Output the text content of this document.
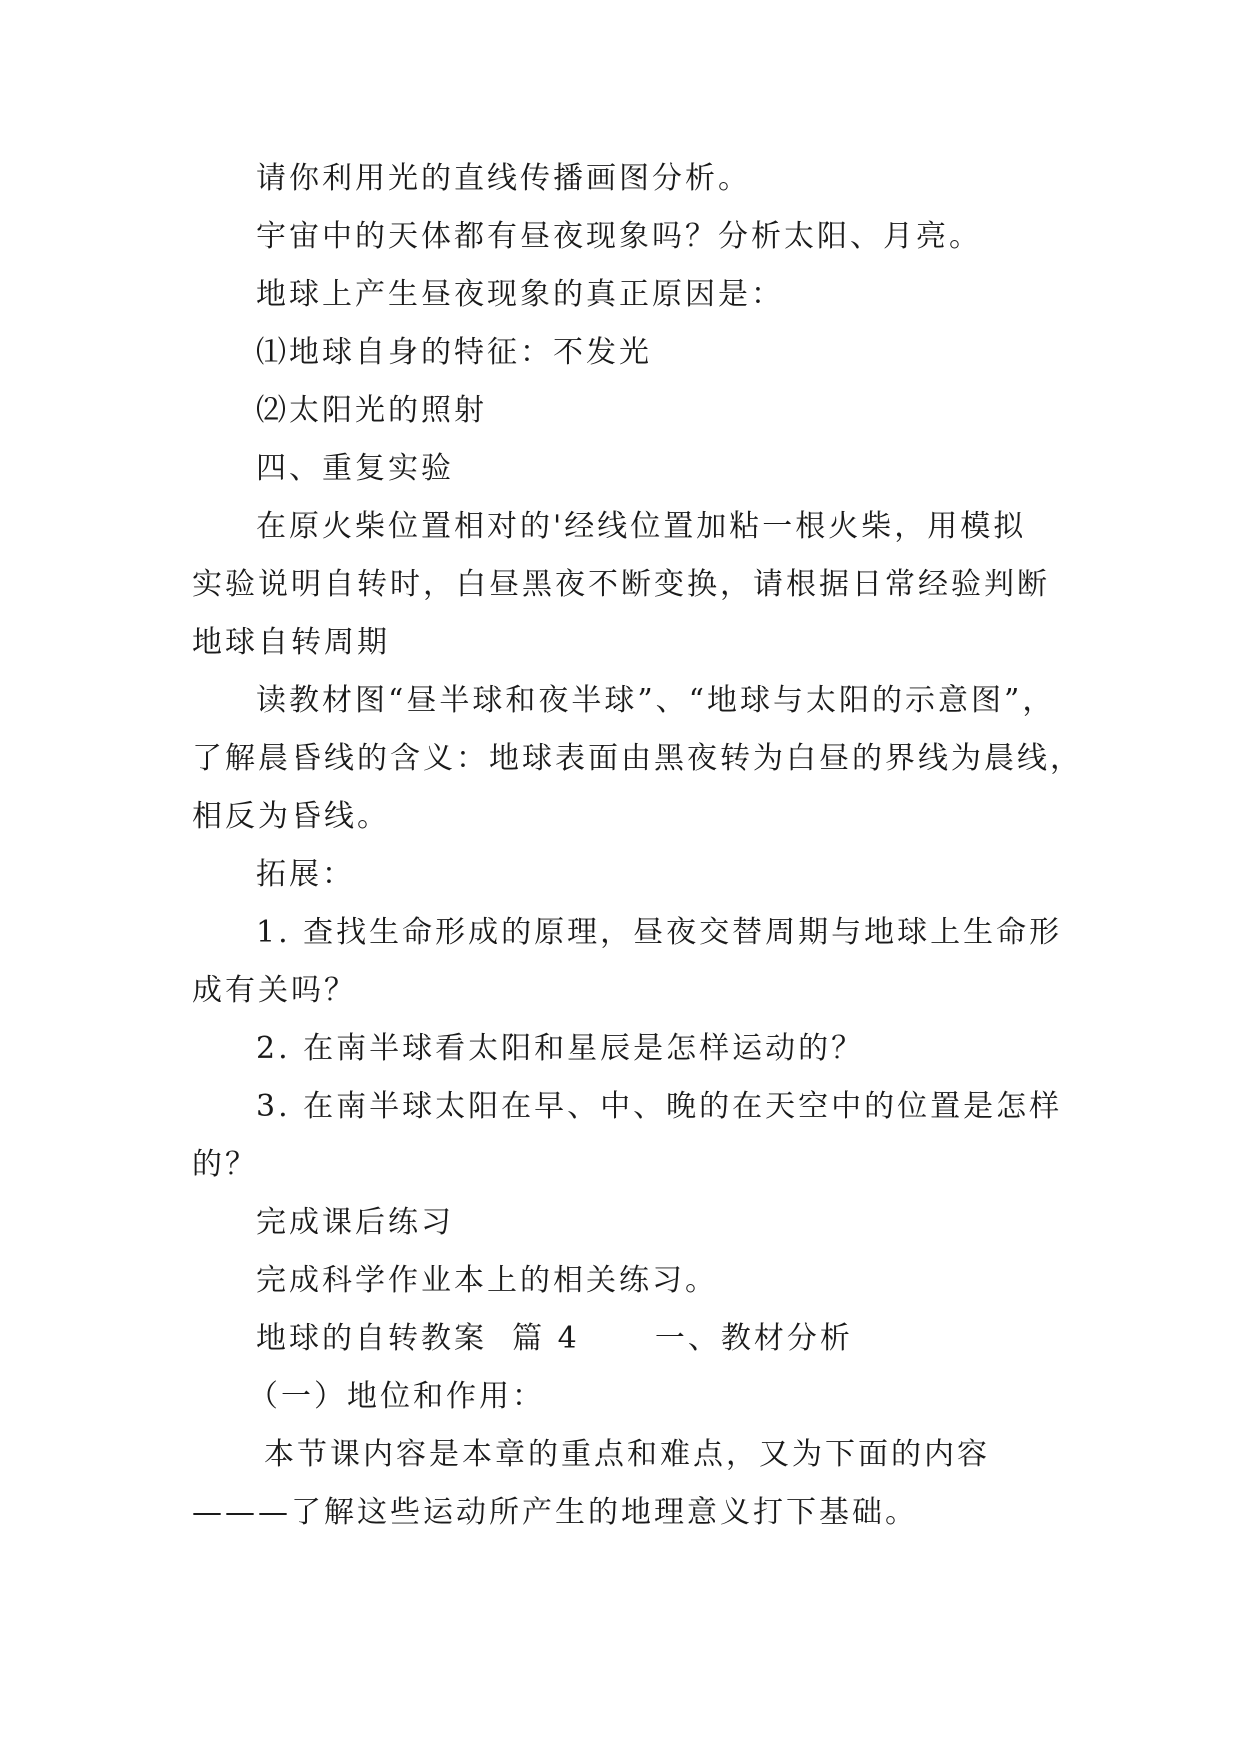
请你利用光的直线传播画图分析。
宇宙中的天体都有昼夜现象吗？分析太阳、月亮。
地球上产生昼夜现象的真正原因是：
⑴地球自身的特征：不发光
⑵太阳光的照射
四、重复实验
在原火柴位置相对的'经线位置加粘一根火柴，用模拟
实验说明自转时，白昼黑夜不断变换，请根据日常经验判断
地球自转周期
读教材图“昼半球和夜半球”、“地球与太阳的示意图”，
了解晨昏线的含义：地球表面由黑夜转为白昼的界线为晨线，
相反为昏线。
拓展：
1. 查找生命形成的原理，昼夜交替周期与地球上生命形
成有关吗？
2. 在南半球看太阳和星辰是怎样运动的？
3. 在南半球太阳在早、中、晚的在天空中的位置是怎样
的？
完成课后练习
完成科学作业本上的相关练习。
地球的自转教案  篇 4      一、教材分析
（一）地位和作用：
本节课内容是本章的重点和难点，又为下面的内容
———了解这些运动所产生的地理意义打下基础。
